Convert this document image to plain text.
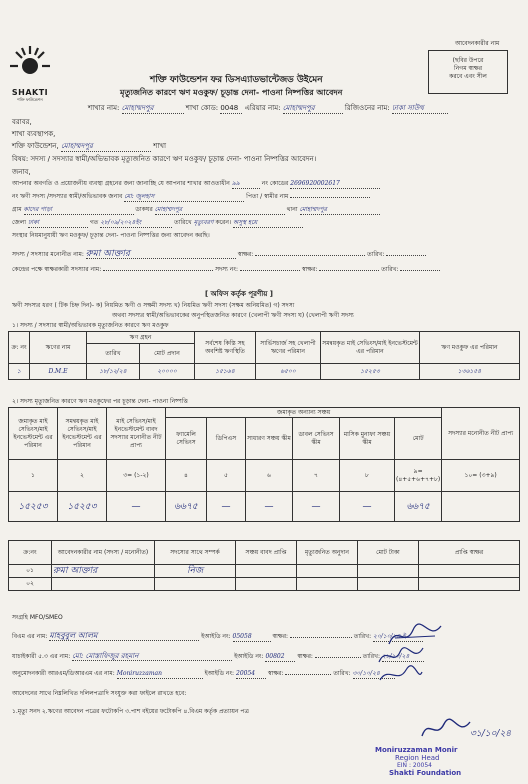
আবেদনকারীর নাম
(ছবির উপরে
নিগম স্বাক্ষর
করবে এবং সীল
SHAKTI
শক্তি ফাউন্ডেশন
শক্তি ফাউন্ডেশন ফর ডিসএ্যাডভান্টেজড উইমেন
মৃত্যুজনিত কারণে ঋণ মওকুফ/ চূড়ান্ত দেনা- পাওনা নিষ্পত্তির আবেদন
শাখার নাম: মোহাম্মদপুর	শাখা কোড: 0048 এরিয়ার নাম: মোহাম্মদপুর	রিজিওনের নাম: ঢাকা সাউথ
বরাবর,
শাখা ব্যবস্থাপক,
শক্তি ফাউন্ডেশন, মোহাম্মদপুর	শাখা
বিষয়: সদস্য / সদস্যার স্বামী/অভিভাবক মৃত্যুজনিত কারণে ঋণ মওকুফ/ চূড়ান্ত দেনা- পাওনা নিষ্পত্তির আবেদন।
জনাব,
আপনার অবগতি ও প্রয়োজনীয় ব্যবস্থা গ্রহনের জন্য জানাচ্ছি যে আপনার শাখার আওতাধীন ৯৯	নং কোডের 2696920002617
নং ঋণী সদস্য /সদস্যার স্বামী/অভিভাবক জনাব মো: জুলহাস	পিতা / স্বামীর নাম
গ্রাম কাদের পাড়া	ডাকঘর মোহাম্মদপুর	থানা মোহাম্মদপুর
জেলা ঢাকা	গত ২৮/০৯/২০২৪ইং	তারিখে মৃত্যুবরণ করেন। অসুস্থ হয়ে
সংস্থার নিয়মানুযায়ী ঋণ মওকুফ/ চূড়ান্ত দেনা- পাওনা নিষ্পত্তির জন্য আবেদন করছি।
সদস্য / সদস্যার মনোনীত নাম: রুমা আক্তার	স্বাক্ষর:	তারিখ:
কেন্দ্রের পক্ষে স্বাক্ষরকারী সদস্যার নাম:	সদস্য নং:	স্বাক্ষর:	তারিখ:
[ অফিস কর্তৃক পূরণীয় ]
ঋণী সদস্যর ধরণ ( টিক চিহ্ন দিন)- ক) নিয়মিত ঋণী ও সক্ষমী সদস্য খ) নিয়মিত ঋণী সদস্য (সক্ষম অনিয়মিত) গ) সদস্য
অথবা সদস্যর স্বামী/অভিভাবকের অনুপস্থিতজনিত কারণে (খেলাপী ঋণী সদস্য ঘ) (খেলাপী ঋণী সদস্য
১। সদস্য / সদস্যার স্বামী/অভিভাবক মৃত্যুজনিত কারণে ঋণ মওকুফ
ক্র: নং	ঋণের নাম	ঋণ গ্রহন		সর্বশেষ কিস্তি সহ অবশিষ্ট ঋণস্থিতি	সার্ভিসচার্জ সহ খেলাপী ঋণের পরিমান	সমন্বয়কৃত মাই সেভিংস/মাই ইনভেস্টমেন্ট এর পরিমান	ঋণ মওকুফ এর পরিমান
		তারিখ	মোট প্রদান				
১	D.M.E	১৮/১২/২৪	২০০০০	১৫১৬৪	৬৫০০	১৫২৫৩	১৩৬১৫৪
২। সদস্য মৃত্যুজনিত কারণে ঋণ মওকুফের পর চূড়ান্ত দেনা- পাওনা নিষ্পত্তি
জমাকৃত মাই সেভিংস/মাই ইনভেস্টমেন্ট এর পরিমান	সমন্বয়কৃত মাই সেভিংস/মাই ইনভেস্টমেন্ট এর পরিমান	মাই সেভিংস/মাই ইনভেস্টমেন্ট বাবদ সদস্যার মনোনীত নীট প্রাপ্য	জমাকৃত অন্যান্য সঞ্চয়						সদস্যার মনোনীত নীট প্রাপ্য
			ফ্যামেলি সেভিংস	ডিপিএস	সাধারণ সঞ্চয় স্কীম	ডাবল সেভিংস স্কীম	মাসিক মুনাফা সঞ্চয় স্কীম	মোট	
১	২	৩= (১-২)	৪	৫	৬	৭	৮	৯= (৪+৫+৬+৭+৮)	১০= (৩+৯)
১৫২৫৩	১৫২৫৩	—	৬৬৭৫	—	—	—	—	৬৬৭৫	
ক্র:নং	আবেদনকারীর নাম (সদস্য / মনোনীত)	সদস্যের সাথে সম্পর্ক	সঞ্চয় বাবদ প্রাপ্তি	মৃত্যুজনিত অনুদান	মোট টাকা	প্রাপ্তি স্বাক্ষর
০১	রুমা আক্তার	নিজ				
০২						
সংগ্রহি MFO/SMEO
বিএম এর নাম: মাহবুবুল আলম	ইআইডি নং: 05058	স্বাক্ষর:	তারিখ: ২০/১০/২৪ ই
যাচাইকারী ৫.৩ এর নাম: মো: মোস্তাফিজুর রহমান	ইআইডি নং: 00802 স্বাক্ষর:	তারিখ: ২৮/১০/২৪
অনুমোদনকারী আরএম/ডিআরএম এর নাম: Moniruzzaman	ইআইডি নং: 20054 স্বাক্ষর:	তারিখ: ৩০/১০/২৪
আবেদনের সাথে নিম্নলিখিত দলিলপত্রাদি সংযুক্ত করা ফাইলে রাখতে হবে:
১.মৃত্যু সনদ ২.ঋণের আবেদন পত্রের ফটোকপি ৩.পাশ বইয়ের ফটোকপি ৪.বিএম কর্তৃক প্রত্যায়ন পত্র
৩১/১০/২৪
Moniruzzaman Monir
Region Head
EIN : 20054
Shakti Foundation
